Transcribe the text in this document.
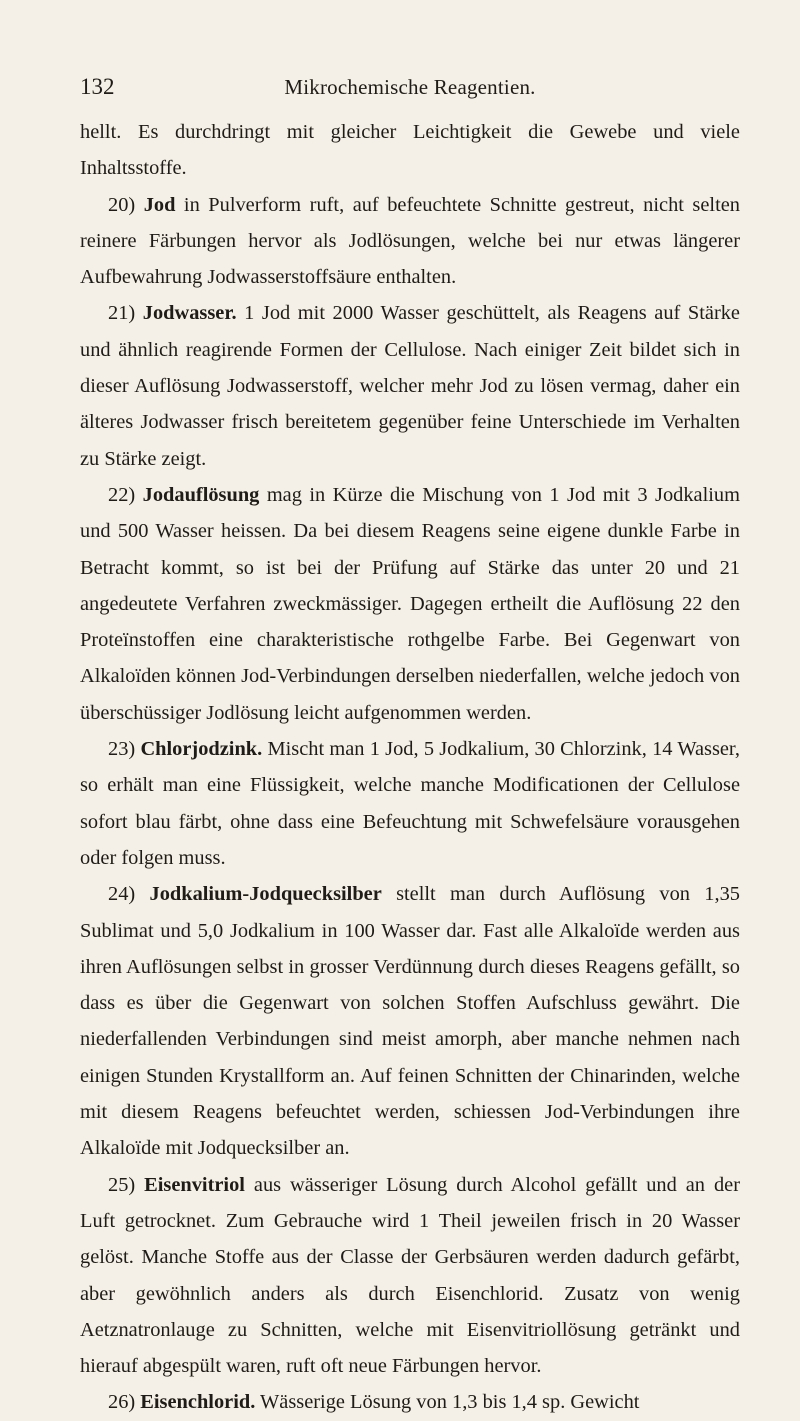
132	Mikrochemische Reagentien.

hellt. Es durchdringt mit gleicher Leichtigkeit die Gewebe und viele Inhaltsstoffe.

20) Jod in Pulverform ruft, auf befeuchtete Schnitte gestreut, nicht selten reinere Färbungen hervor als Jodlösungen, welche bei nur etwas längerer Aufbewahrung Jodwasserstoffsäure enthalten.

21) Jodwasser. 1 Jod mit 2000 Wasser geschüttelt, als Reagens auf Stärke und ähnlich reagirende Formen der Cellulose. Nach einiger Zeit bildet sich in dieser Auflösung Jodwasserstoff, welcher mehr Jod zu lösen vermag, daher ein älteres Jodwasser frisch bereitetem gegenüber feine Unterschiede im Verhalten zu Stärke zeigt.

22) Jodauflösung mag in Kürze die Mischung von 1 Jod mit 3 Jodkalium und 500 Wasser heissen. Da bei diesem Reagens seine eigene dunkle Farbe in Betracht kommt, so ist bei der Prüfung auf Stärke das unter 20 und 21 angedeutete Verfahren zweckmässiger. Dagegen ertheilt die Auflösung 22 den Proteïnstoffen eine charakteristische rothgelbe Farbe. Bei Gegenwart von Alkaloïden können Jod-Verbindungen derselben niederfallen, welche jedoch von überschüssiger Jodlösung leicht aufgenommen werden.

23) Chlorjodzink. Mischt man 1 Jod, 5 Jodkalium, 30 Chlorzink, 14 Wasser, so erhält man eine Flüssigkeit, welche manche Modificationen der Cellulose sofort blau färbt, ohne dass eine Befeuchtung mit Schwefelsäure vorausgehen oder folgen muss.

24) Jodkalium-Jodquecksilber stellt man durch Auflösung von 1,35 Sublimat und 5,0 Jodkalium in 100 Wasser dar. Fast alle Alkaloïde werden aus ihren Auflösungen selbst in grosser Verdünnung durch dieses Reagens gefällt, so dass es über die Gegenwart von solchen Stoffen Aufschluss gewährt. Die niederfallenden Verbindungen sind meist amorph, aber manche nehmen nach einigen Stunden Krystallform an. Auf feinen Schnitten der Chinarinden, welche mit diesem Reagens befeuchtet werden, schiessen Jod-Verbindungen ihre Alkaloïde mit Jodquecksilber an.

25) Eisenvitriol aus wässeriger Lösung durch Alcohol gefällt und an der Luft getrocknet. Zum Gebrauche wird 1 Theil jeweilen frisch in 20 Wasser gelöst. Manche Stoffe aus der Classe der Gerbsäuren werden dadurch gefärbt, aber gewöhnlich anders als durch Eisenchlorid. Zusatz von wenig Aetznatronlauge zu Schnitten, welche mit Eisenvitriollösung getränkt und hierauf abgespült waren, ruft oft neue Färbungen hervor.

26) Eisenchlorid. Wässerige Lösung von 1,3 bis 1,4 sp. Gewicht
